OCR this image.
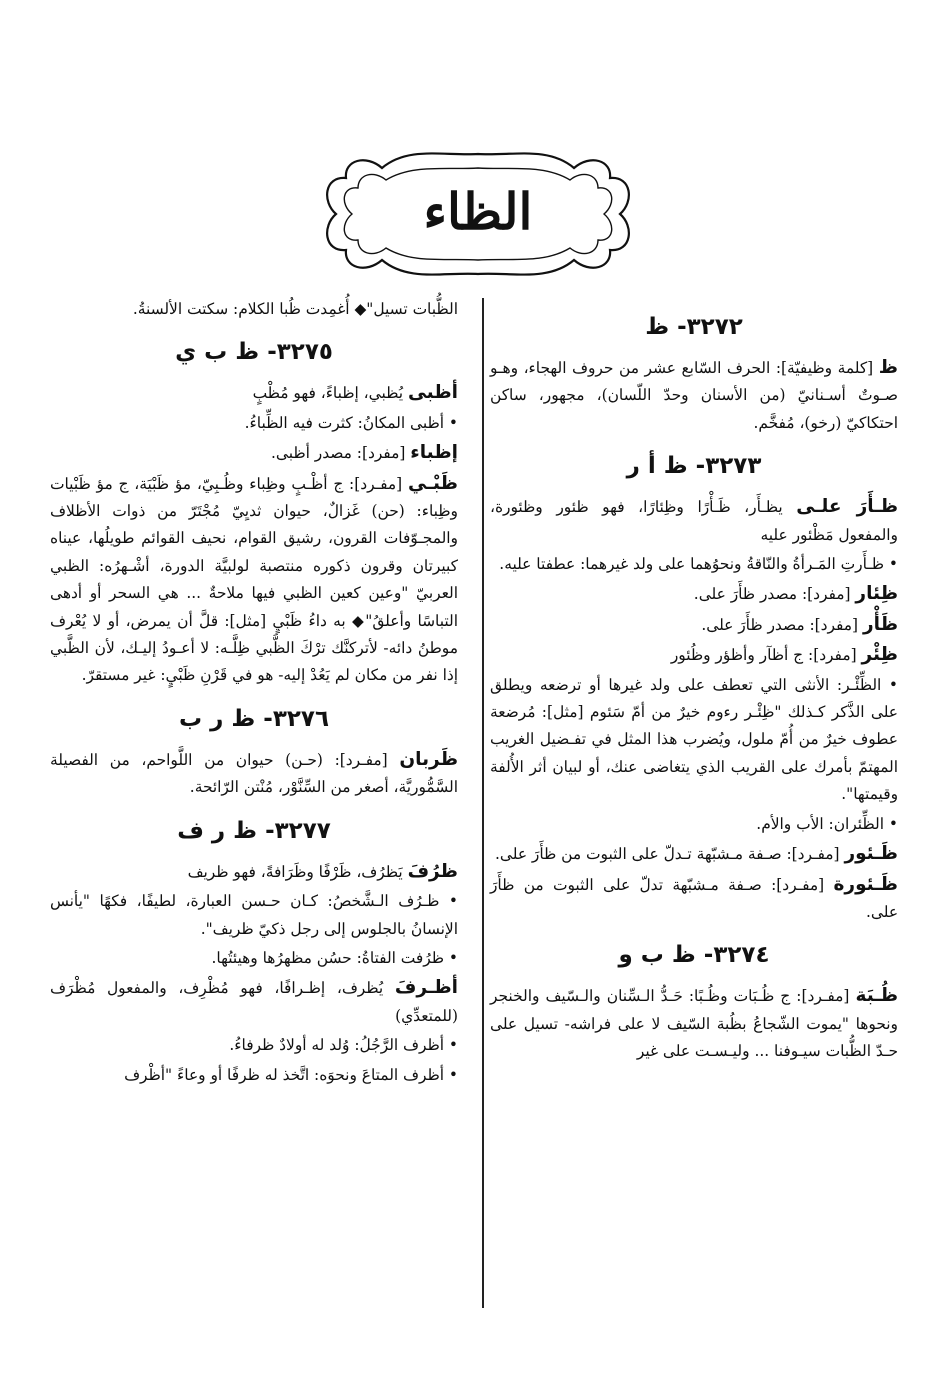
الظاء
٣٢٧٢- ظ

ظ [كلمة وظيفيّة]: الحرف السّابع عشر من حروف الهجاء، وهـو صـوتٌ أسـنانيّ (من الأسنان وحدّ اللّسان)، مجهور، ساكن احتكاكيّ (رخو)، مُفخَّم.

٣٢٧٣- ظ أ ر

ظـأَرَ علـى يظـأَر، ظَـأْرًا وظِئارًا، فهو ظئور وظئورة، والمفعول مَظْئور عليه

• ظـأَرتِ المَـرأةُ والنّاقةُ ونحوُهما على ولد غيرهما: عطفتا عليه.

ظِئار [مفرد]: مصدر ظأَرَ على.

ظَأْر [مفرد]: مصدر ظأَرَ على.

ظِئْر [مفرد]: ج أظآر وأظؤر وظُئور

• الظِّئْـر: الأنثى التي تعطف على ولد غيرها أو ترضعه ويطلق على الذَّكر كـذلك "ظِئْـر رءوم خيرٌ من أمّ سَئوم [مثل]: مُرضعة عطوف خيرٌ من أُمّ ملول، ويُضرب هذا المثل في تفـضيل الغريب المهتمّ بأمرك على القريب الذي يتغاضى عنك، أو لبيان أثر الأُلفة وقيمتها".

• الظِّئران: الأب والأم.

ظَـئور [مفـرد]: صـفة مـشبّهة تـدلّ على الثبوت من ظأَرَ على.

ظَـئورة [مفـرد]: صـفة مـشبّهة تدلّ على الثبوت من ظأَرَ على.

٣٢٧٤- ظ ب و

ظُـبَة [مفـرد]: ج ظُـبَات وظُـبًا: حَـدُّ الـسِّنان والـسّيف والخنجر ونحوها "يموت الشّجاعُ بظُبة السّيف لا على فراشه- تسيل على حـدّ الظُّبات سيـوفنا ... وليـسـت على غير

الظُّبات تسيل"◆ أُغمِدت ظُبا الكلام: سكتت الألسنةُ.

٣٢٧٥- ظ ب ي

أظبى يُظبي، إظباءً، فهو مُظْبٍ

• أظبى المكانُ: كثرت فيه الظِّباءُ.

إظباء [مفرد]: مصدر أظبى.

ظَبْـي [مفـرد]: ج أظْـبٍ وظِباء وظُـبِيّ، مؤ ظَبْيَة، ج مؤ ظَبْيات وظِباء: (حن) غَزالٌ، حيوان ثديِيّ مُجْتَرّ من ذوات الأظلاف والمجـوّفات القرون، رشيق القوام، نحيف القوائم طويلُها، عيناه كبيرتان وقرون ذكوره منتصبة لولبيَّة الدورة، أشْـهرُه: الظبي العربيّ "وعين كعين الظبي فيها ملاحةٌ ... هي السحر أو أدهى التباسًا وأعلقُ"◆ به داءُ ظَبْيٍ [مثل]: قلَّ أن يمرض، أو لا يُعْرف موطنُ دائه- لأتركنَّك ترْكَ الظَّبي ظِلَّـه: لا أعـودُ إليـك، لأن الظَّبي إذا نفر من مكان لم يَعُدْ إليه- هو في قَرْنِ ظَبْيٍ: غير مستقرّ.

٣٢٧٦- ظ ر ب

ظَربان [مفـرد]: (حـن) حيوان من اللَّواحم، من الفصيلة السَّمُّوريَّة، أصغر من السِّنَّوْر، مُنْتن الرّائحة.

٣٢٧٧- ظ ر ف

ظرُفَ يَظرُف، ظَرْفًا وظَرَافةً، فهو ظريف

• ظـرُف الـشَّخصُ: كـان حـسن العبارة، لطيفًا، فكهًا "يأنس الإنسانُ بالجلوس إلى رجل ذكيّ ظريف".

• ظرُفت الفتاةُ: حسُن مظهرُها وهيئتُها.

أظـرفَ يُظرف، إظـرافًا، فهو مُظْرِف، والمفعول مُظْرَف (للمتعدِّي)

• أظرف الرَّجُلُ: وُلد له أولادٌ ظرفاءُ.

• أظرف المتاعَ ونحوَه: اتَّخذ له ظرفًا أو وعاءً "أظْرف
